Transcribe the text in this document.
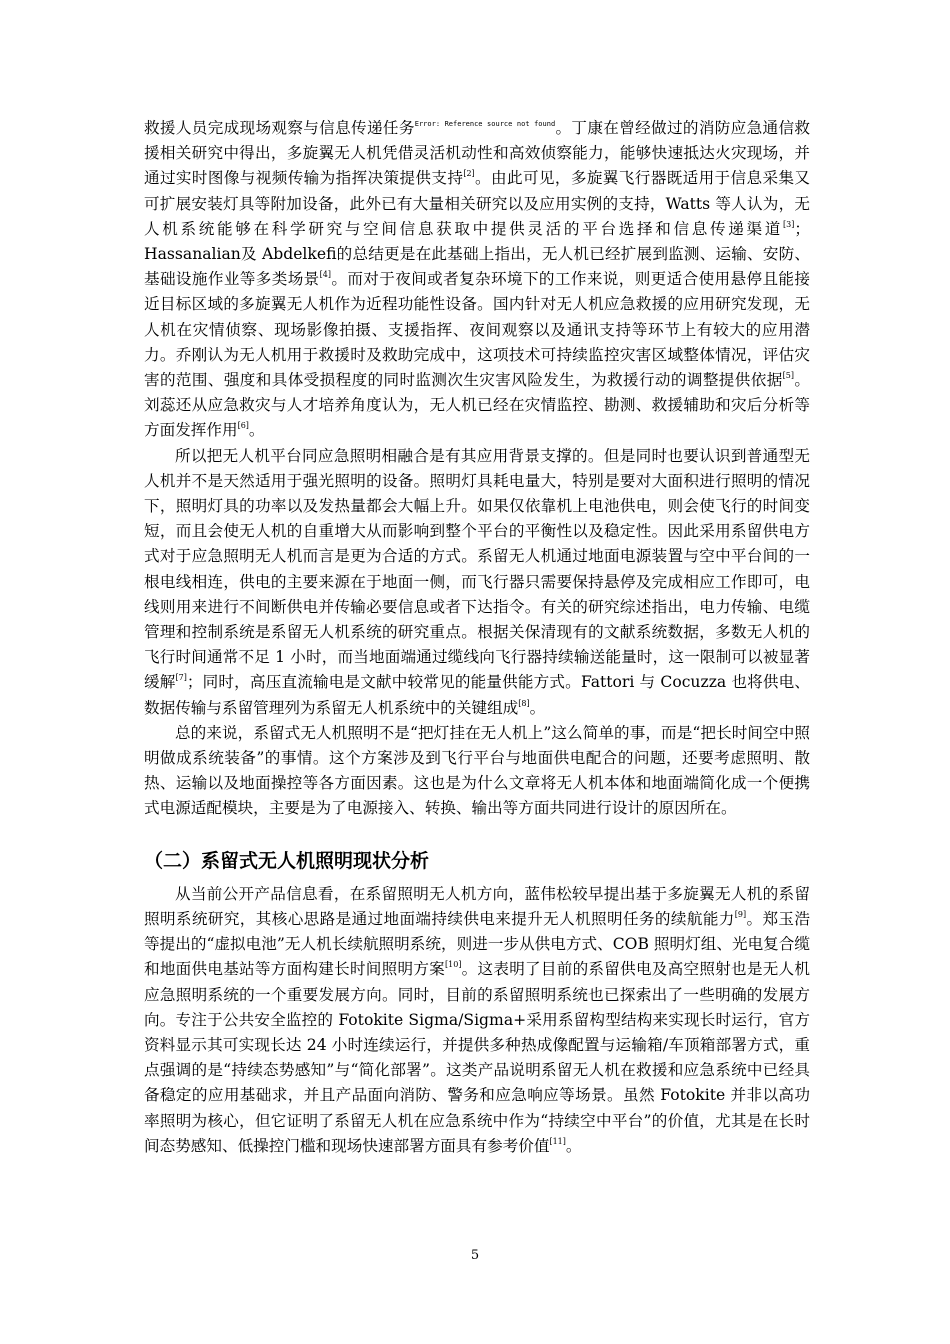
救援人员完成现场观察与信息传递任务$^{Error: Reference source not found}$。丁康在曾经做过的消防应急通信救援相关研究中得出，多旋翼无人机凭借灵活机动性和高效侦察能力，能够快速抵达火灾现场，并通过实时图像与视频传输为指挥决策提供支持[2]。由此可见，多旋翼飞行器既适用于信息采集又可扩展安装灯具等附加设备，此外已有大量相关研究以及应用实例的支持，Watts 等人认为，无人机系统能够在科学研究与空间信息获取中提供灵活的平台选择和信息传递渠道[3]；Hassanalian及 Abdelkefi的总结更是在此基础上指出，无人机已经扩展到监测、运输、安防、基础设施作业等多类场景[4]。而对于夜间或者复杂环境下的工作来说，则更适合使用悬停且能接近目标区域的多旋翼无人机作为近程功能性设备。国内针对无人机应急救援的应用研究发现，无人机在灾情侦察、现场影像拍摄、支援指挥、夜间观察以及通讯支持等环节上有较大的应用潜力。乔刚认为无人机用于救援时及救助完成中，这项技术可持续监控灾害区域整体情况，评估灾害的范围、强度和具体受损程度的同时监测次生灾害风险发生，为救援行动的调整提供依据[5]。刘蕊还从应急救灾与人才培养角度认为，无人机已经在灾情监控、勘测、救援辅助和灾后分析等方面发挥作用[6]。

所以把无人机平台同应急照明相融合是有其应用背景支撑的。但是同时也要认识到普通型无人机并不是天然适用于强光照明的设备。照明灯具耗电量大，特别是要对大面积进行照明的情况下，照明灯具的功率以及发热量都会大幅上升。如果仅依靠机上电池供电，则会使飞行的时间变短，而且会使无人机的自重增大从而影响到整个平台的平衡性以及稳定性。因此采用系留供电方式对于应急照明无人机而言是更为合适的方式。系留无人机通过地面电源装置与空中平台间的一根电线相连，供电的主要来源在于地面一侧，而飞行器只需要保持悬停及完成相应工作即可，电线则用来进行不间断供电并传输必要信息或者下达指令。有关的研究综述指出，电力传输、电缆管理和控制系统是系留无人机系统的研究重点。根据关保清现有的文献系统数据，多数无人机的飞行时间通常不足 1 小时，而当地面端通过缆线向飞行器持续输送能量时，这一限制可以被显著缓解[7]；同时，高压直流输电是文献中较常见的能量供能方式。Fattori 与 Cocuzza 也将供电、数据传输与系留管理列为系留无人机系统中的关键组成[8]。

总的来说，系留式无人机照明不是“把灯挂在无人机上”这么简单的事，而是“把长时间空中照明做成系统装备”的事情。这个方案涉及到飞行平台与地面供电配合的问题，还要考虑照明、散热、运输以及地面操控等各方面因素。这也是为什么文章将无人机本体和地面端简化成一个便携式电源适配模块，主要是为了电源接入、转换、输出等方面共同进行设计的原因所在。

（二）系留式无人机照明现状分析

从当前公开产品信息看，在系留照明无人机方向，蓝伟松较早提出基于多旋翼无人机的系留照明系统研究，其核心思路是通过地面端持续供电来提升无人机照明任务的续航能力[9]。郑玉浩等提出的“虚拟电池”无人机长续航照明系统，则进一步从供电方式、COB 照明灯组、光电复合缆和地面供电基站等方面构建长时间照明方案[10]。这表明了目前的系留供电及高空照射也是无人机应急照明系统的一个重要发展方向。同时，目前的系留照明系统也已探索出了一些明确的发展方向。专注于公共安全监控的 Fotokite Sigma/Sigma+采用系留构型结构来实现长时运行，官方资料显示其可实现长达 24 小时连续运行，并提供多种热成像配置与运输箱/车顶箱部署方式，重点强调的是“持续态势感知”与“简化部署”。这类产品说明系留无人机在救援和应急系统中已经具备稳定的应用基础求，并且产品面向消防、警务和应急响应等场景。虽然 Fotokite 并非以高功率照明为核心，但它证明了系留无人机在应急系统中作为“持续空中平台”的价值，尤其是在长时间态势感知、低操控门槛和现场快速部署方面具有参考价值[11]。

5
